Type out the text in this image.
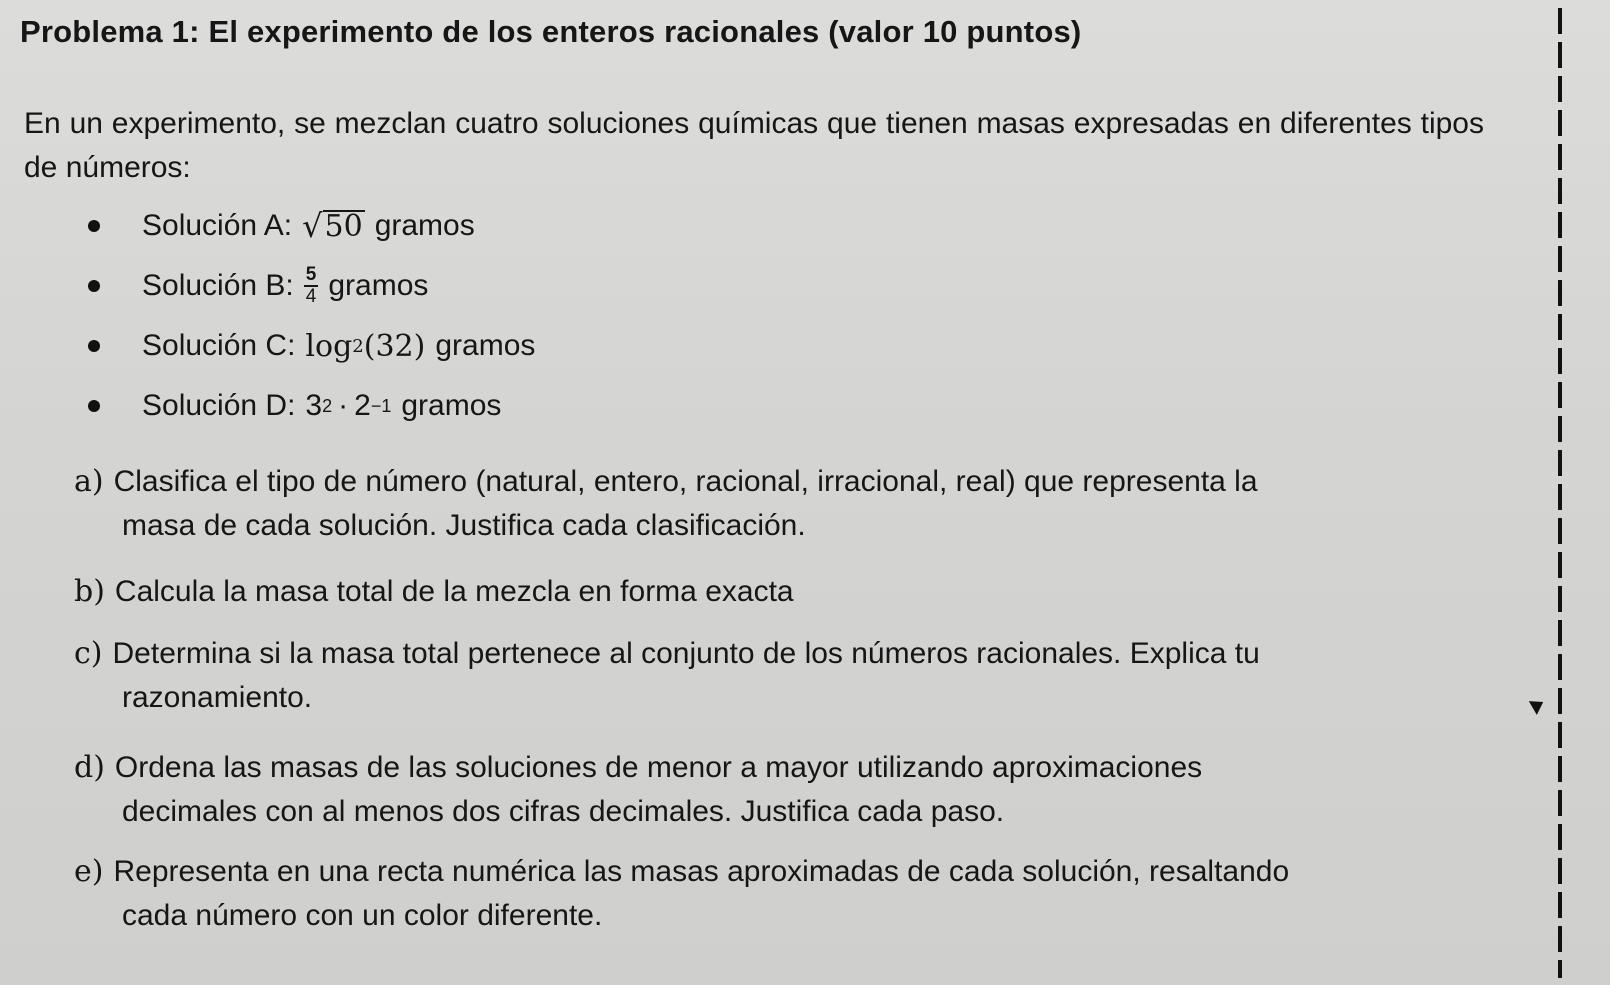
Problema 1: El experimento de los enteros racionales (valor 10 puntos)
En un experimento, se mezclan cuatro soluciones químicas que tienen masas expresadas en diferentes tipos de números:
Solución A: √ 50 gramos
Solución B: $\frac{5}{4}$ gramos
Solución C: log 2 (32) gramos
Solución D: 3 2 · 2 −1 gramos
a) Clasifica el tipo de número (natural, entero, racional, irracional, real) que representa la
masa de cada solución. Justifica cada clasificación.
b) Calcula la masa total de la mezcla en forma exacta
c) Determina si la masa total pertenece al conjunto de los números racionales. Explica tu
razonamiento.
d) Ordena las masas de las soluciones de menor a mayor utilizando aproximaciones
decimales con al menos dos cifras decimales. Justifica cada paso.
e) Representa en una recta numérica las masas aproximadas de cada solución, resaltando
cada número con un color diferente.
